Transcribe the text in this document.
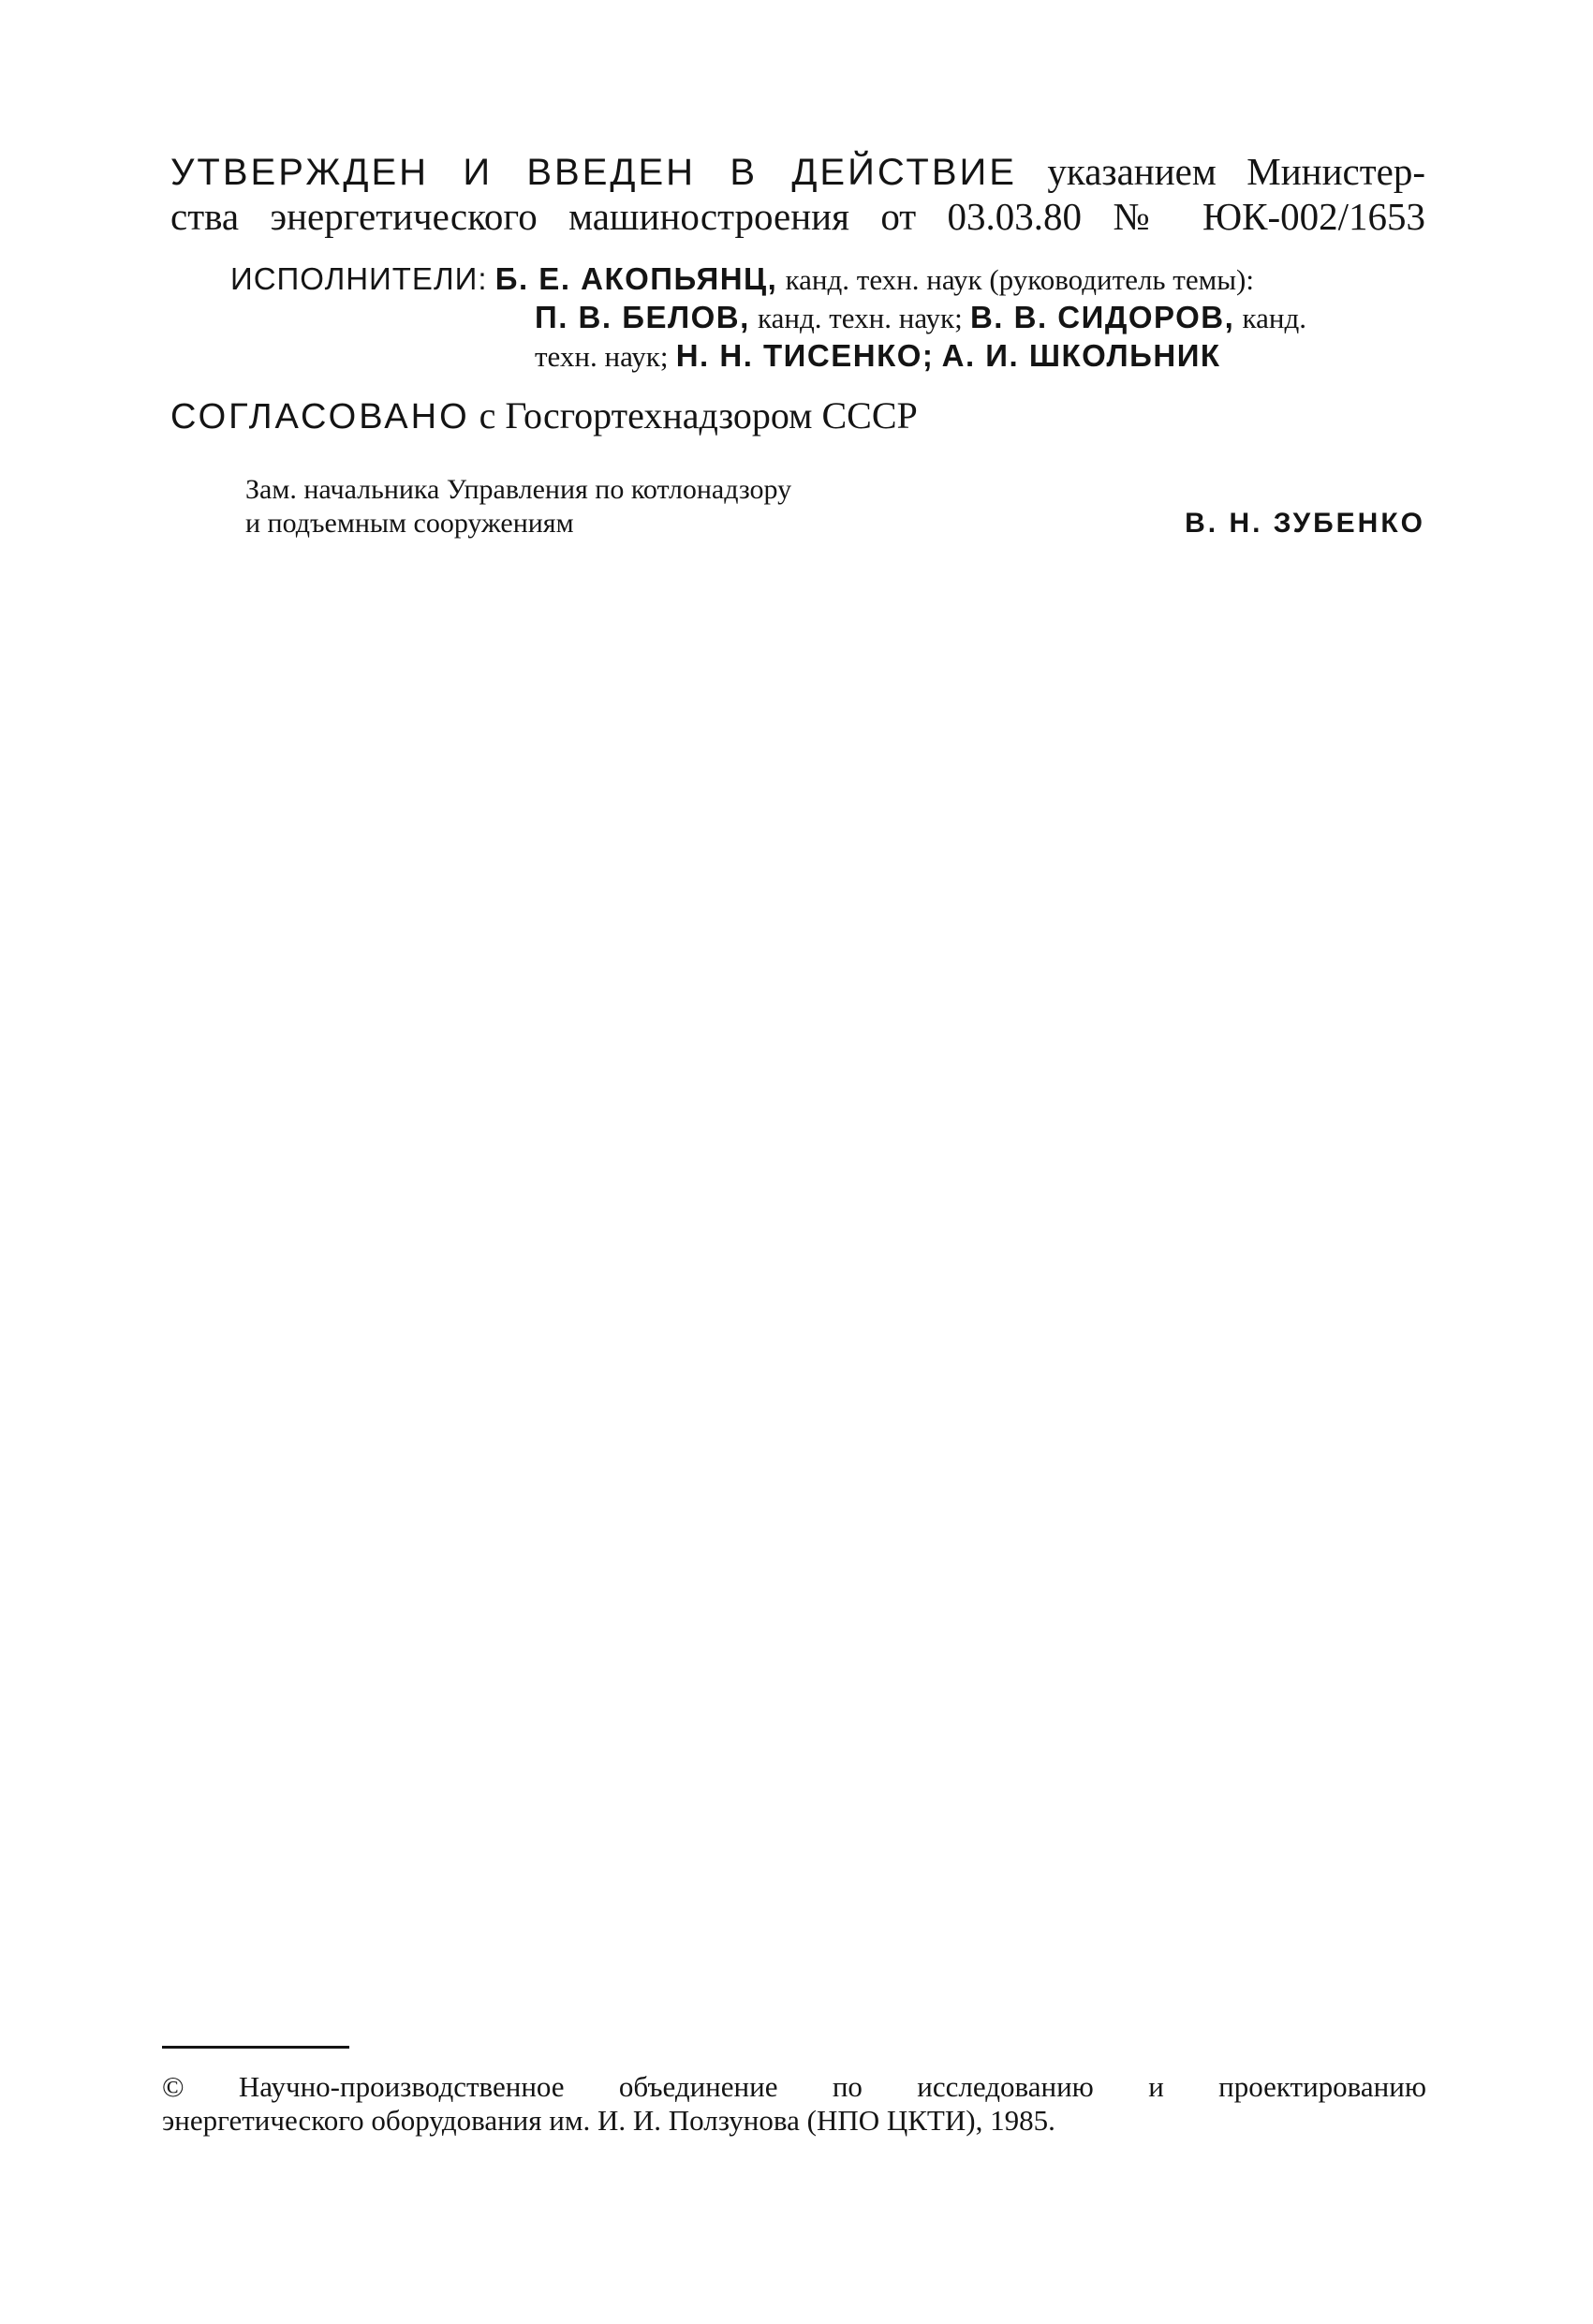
УТВЕРЖДЕН И ВВЕДЕН В ДЕЙСТВИЕ указанием Министер-
ства энергетического машиностроения от 03.03.80 № ЮК-002/1653
ИСПОЛНИТЕЛИ: Б. Е. АКОПЬЯНЦ, канд. техн. наук (руководитель темы):
П. В. БЕЛОВ, канд. техн. наук; В. В. СИДОРОВ, канд.
техн. наук; Н. Н. ТИСЕНКО; А. И. ШКОЛЬНИК
СОГЛАСОВАНО с Госгортехнадзором СССР
Зам. начальника Управления по котлонадзору
и подъемным сооружениям	В. Н. ЗУБЕНКО
© Научно-производственное объединение по исследованию и проектированию
энергетического оборудования им. И. И. Ползунова (НПО ЦКТИ), 1985.
